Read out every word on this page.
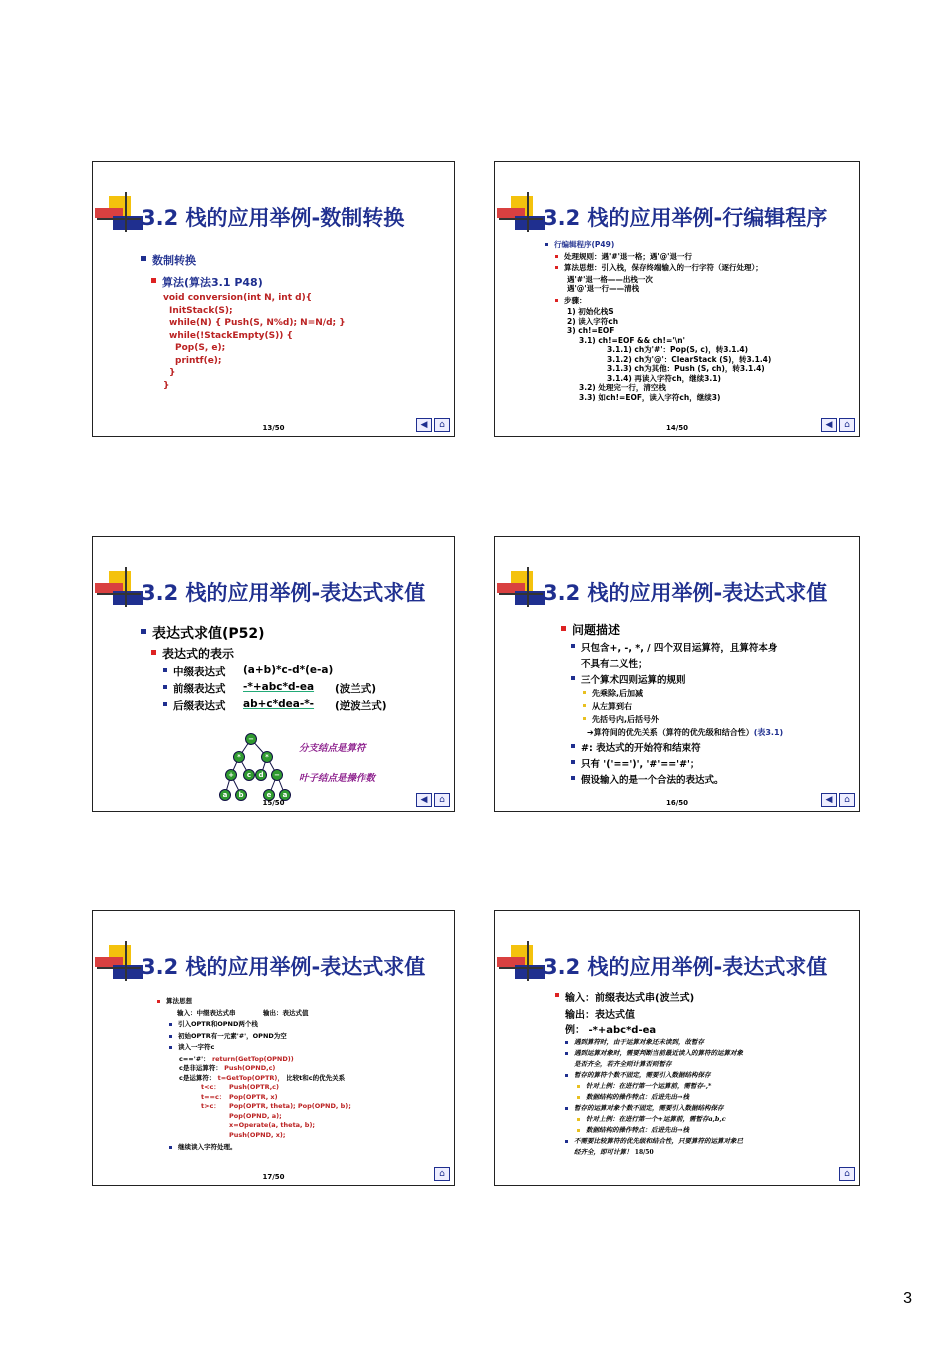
3.2 栈的应用举例-数制转换
数制转换
算法(算法3.1 P48)
void conversion(int N, int d){
InitStack(S);
while(N) { Push(S, N%d); N=N/d; }
while(!StackEmpty(S)) {
Pop(S, e);
printf(e);
}
}
13/50	◀	⌂
3.2 栈的应用举例-行编辑程序
行编辑程序(P49)
处理规则：遇'#'退一格；遇'@'退一行
算法思想：引入栈，保存终端输入的一行字符（逐行处理）；
遇'#'退一格——出栈一次
遇'@'退一行——清栈
步骤：
1) 初始化栈S
2) 读入字符ch
3) ch!=EOF
3.1) ch!=EOF && ch!='\n'
3.1.1) ch为'#'：Pop(S, c)，转3.1.4)
3.1.2) ch为'@'：ClearStack (S)，转3.1.4)
3.1.3) ch为其他：Push (S, ch)，转3.1.4)
3.1.4) 再读入字符ch，继续3.1)
3.2) 处理完一行，清空栈
3.3) 如ch!=EOF，读入字符ch，继续3)
14/50	◀	⌂
3.2 栈的应用举例-表达式求值
表达式求值(P52)
表达式的表示
中缀表达式	(a+b)*c-d*(e-a)
前缀表达式	-*+abc*d-ea	(波兰式)
后缀表达式	ab+c*dea-*-	(逆波兰式)
−
*	*
+	c	d	−
a	b	e	a
分支结点是算符
叶子结点是操作数
15/50	◀	⌂
3.2 栈的应用举例-表达式求值
问题描述
只包含+, -, *, / 四个双目运算符，且算符本身
不具有二义性；
三个算术四则运算的规则
先乘除,后加减
从左算到右
先括号内,后括号外
➔算符间的优先关系（算符的优先级和结合性）(表3.1)
#: 表达式的开始符和结束符
只有 '('==')', '#'=='#'；
假设输入的是一个合法的表达式。
16/50	◀	⌂
3.2 栈的应用举例-表达式求值
算法思想
输入：中缀表达式串	输出：表达式值
引入OPTR和OPND两个栈
初始OPTR有一元素'#'，OPND为空
读入一字符c
c=='#'： return(GetTop(OPND))
c是非运算符： Push(OPND,c)
c是运算符： t=GetTop(OPTR)， 比较t和c的优先关系
t<c： Push(OPTR,c)
t==c： Pop(OPTR, x)
t>c： Pop(OPTR, theta); Pop(OPND, b);
Pop(OPND, a);
x=Operate(a, theta, b);
Push(OPND, x);
继续读入字符处理。
17/50	⌂
3.2 栈的应用举例-表达式求值
输入：前缀表达式串(波兰式)
输出：表达式值
例： -*+abc*d-ea
遇到算符时，由于运算对象还未读到，故暂存
遇到运算对象时，需要判断当前最近读入的算符的运算对象
是否齐全，若齐全则计算否则暂存
暂存的算符个数不固定，需要引入数据结构保存
针对上例：在进行第一个运算前，需暂存-,*
数据结构的操作特点：后进先出→栈
暂存的运算对象个数不固定，需要引入数据结构保存
针对上例：在进行第一个+运算前，需暂存a,b,c
数据结构的操作特点：后进先出→栈
不需要比较算符的优先级和结合性，只要算符的运算对象已
经齐全，即可计算！ 18/50
⌂
3
